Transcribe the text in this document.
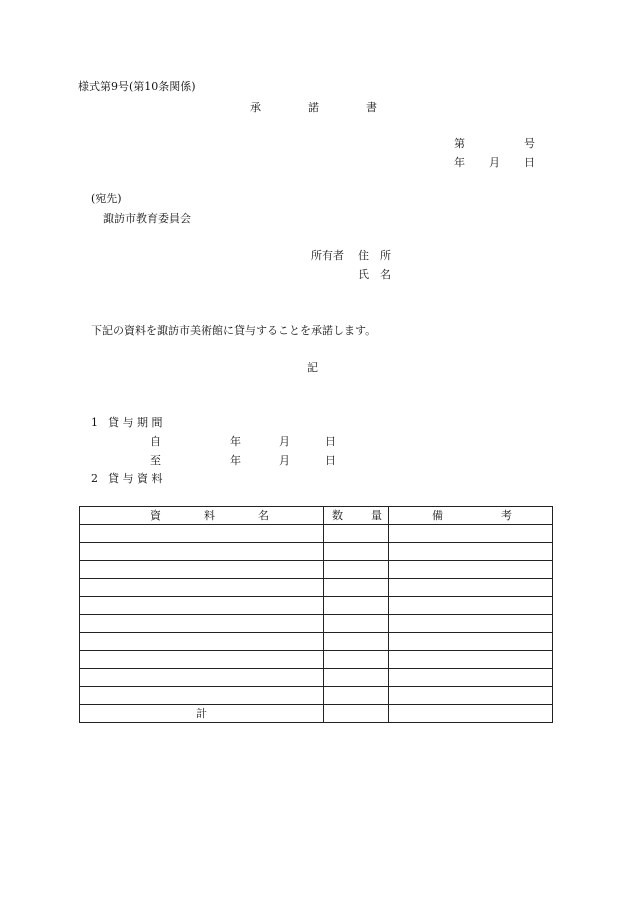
様式第9号(第10条関係)
承	諾	書
第	号
年 月 日
(宛先)
諏訪市教育委員会
所有者 住　所
氏　名
下記の資料を諏訪市美術館に貸与することを承諾します。
記
1 貸 与 期 間
自	年	月	日
至	年	月	日
2 貸 与 資 料
資 料 名	数 量	備 考

計		
